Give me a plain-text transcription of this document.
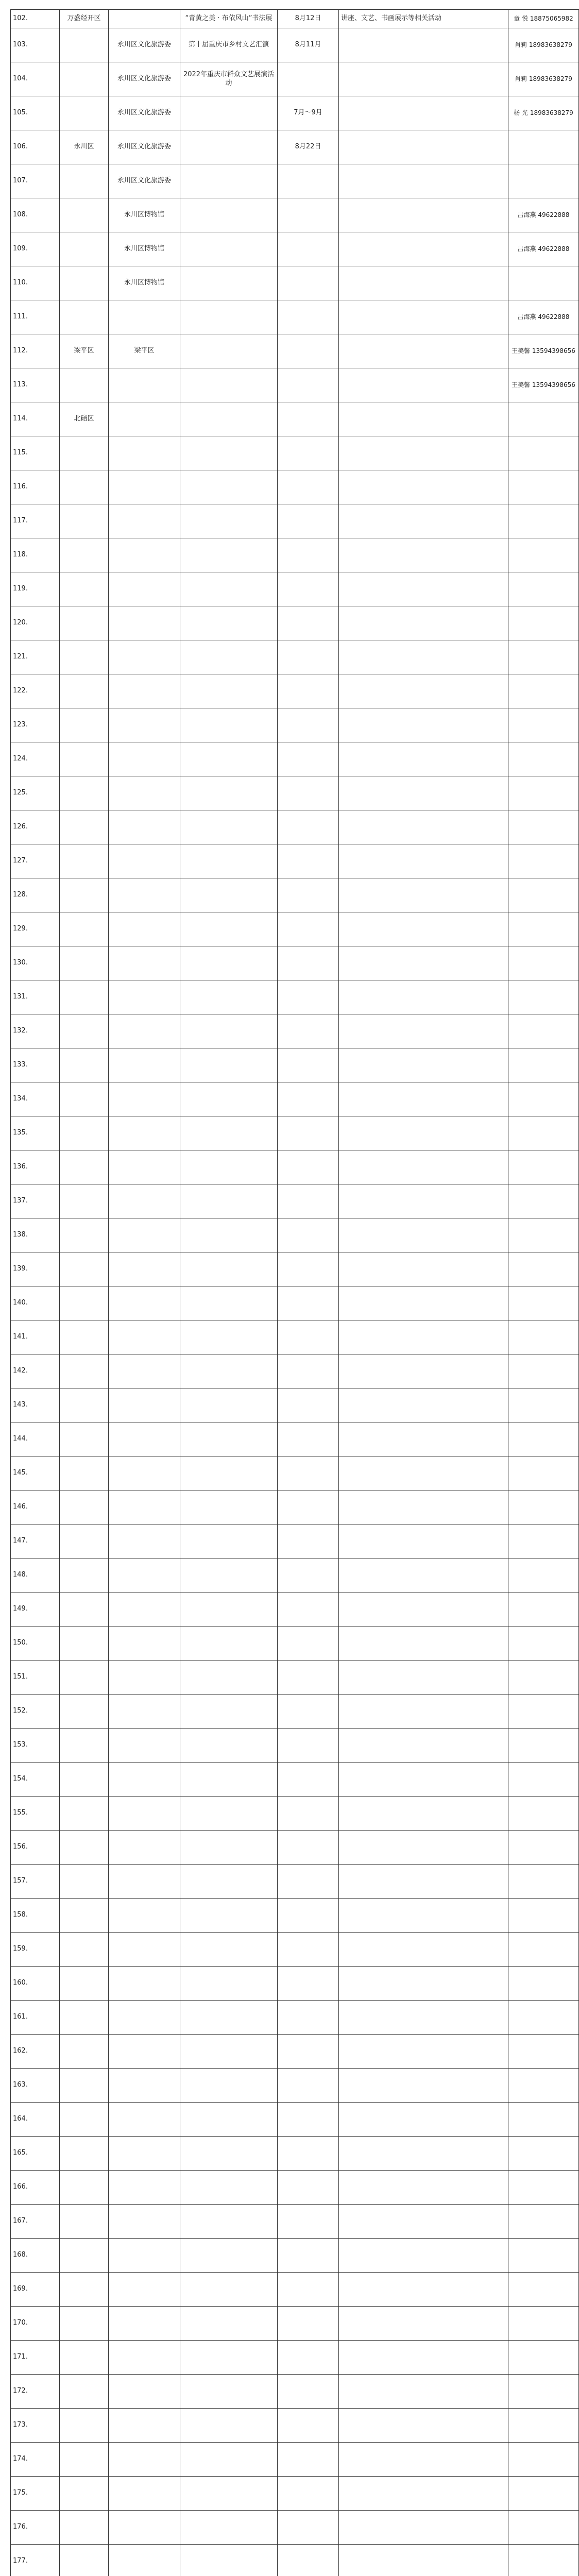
102.	万盛经开区		“青黄之美 · 布依风山”书法展	8月12日	讲座、文艺、书画展示等相关活动	童 悦 18875065982
103.		永川区文化旅游委	第十届重庆市乡村文艺汇演	8月11月		肖莉 18983638279
104.		永川区文化旅游委	2022年重庆市群众文艺展演活动			肖莉 18983638279
105.		永川区文化旅游委		7月～9月		杨 光 18983638279
106.	永川区	永川区文化旅游委		8月22日		
107.		永川区文化旅游委				
108.		永川区博物馆				吕海燕 49622888
109.		永川区博物馆				吕海燕 49622888
110.		永川区博物馆				
111.						吕海燕 49622888
112.	梁平区	梁平区				王美馨 13594398656
113.						王美馨 13594398656
114.	北碚区					
115.						
116.						
117.						
118.						
119.						
120.						
121.						
122.						
123.						
124.						
125.						
126.						
127.						
128.						
129.						
130.						
131.						
132.						
133.						
134.						
135.						
136.						
137.						
138.						
139.						
140.						
141.						
142.						
143.						
144.						
145.						
146.						
147.						
148.						
149.						
150.						
151.						
152.						
153.						
154.						
155.						
156.						
157.						
158.						
159.						
160.						
161.						
162.						
163.						
164.						
165.						
166.						
167.						
168.						
169.						
170.						
171.						
172.						
173.						
174.						
175.						
176.						
177.						
